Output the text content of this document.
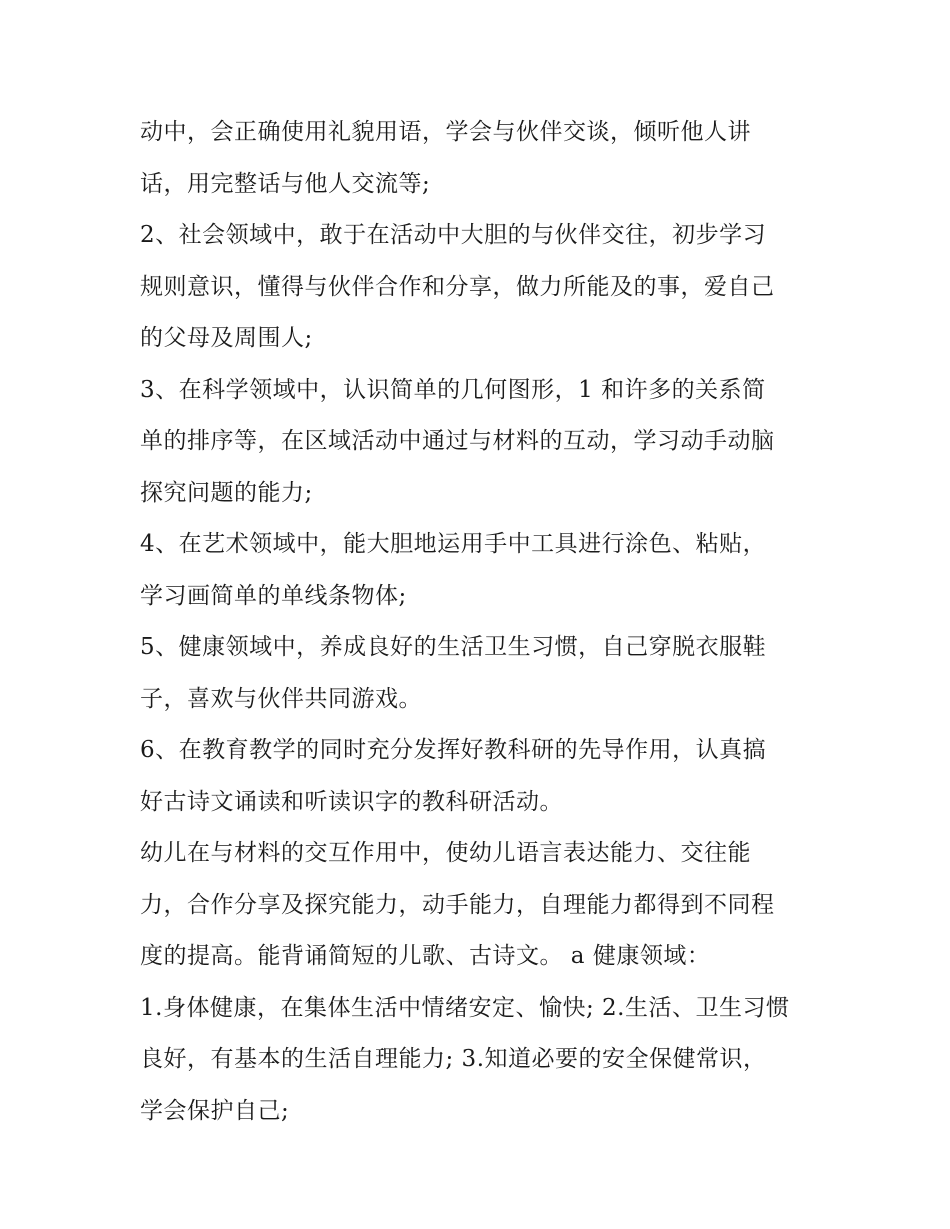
动中，会正确使用礼貌用语，学会与伙伴交谈，倾听他人讲
话，用完整话与他人交流等;
2、社会领域中，敢于在活动中大胆的与伙伴交往，初步学习
规则意识，懂得与伙伴合作和分享，做力所能及的事，爱自己
的父母及周围人;
3、在科学领域中，认识简单的几何图形，1 和许多的关系简
单的排序等，在区域活动中通过与材料的互动，学习动手动脑
探究问题的能力;
4、在艺术领域中，能大胆地运用手中工具进行涂色、粘贴，
学习画简单的单线条物体;
5、健康领域中，养成良好的生活卫生习惯，自己穿脱衣服鞋
子，喜欢与伙伴共同游戏。
6、在教育教学的同时充分发挥好教科研的先导作用，认真搞
好古诗文诵读和听读识字的教科研活动。
幼儿在与材料的交互作用中，使幼儿语言表达能力、交往能
力，合作分享及探究能力，动手能力，自理能力都得到不同程
度的提高。能背诵简短的儿歌、古诗文。 a 健康领域：
1.身体健康，在集体生活中情绪安定、愉快; 2.生活、卫生习惯
良好，有基本的生活自理能力; 3.知道必要的安全保健常识，
学会保护自己;
